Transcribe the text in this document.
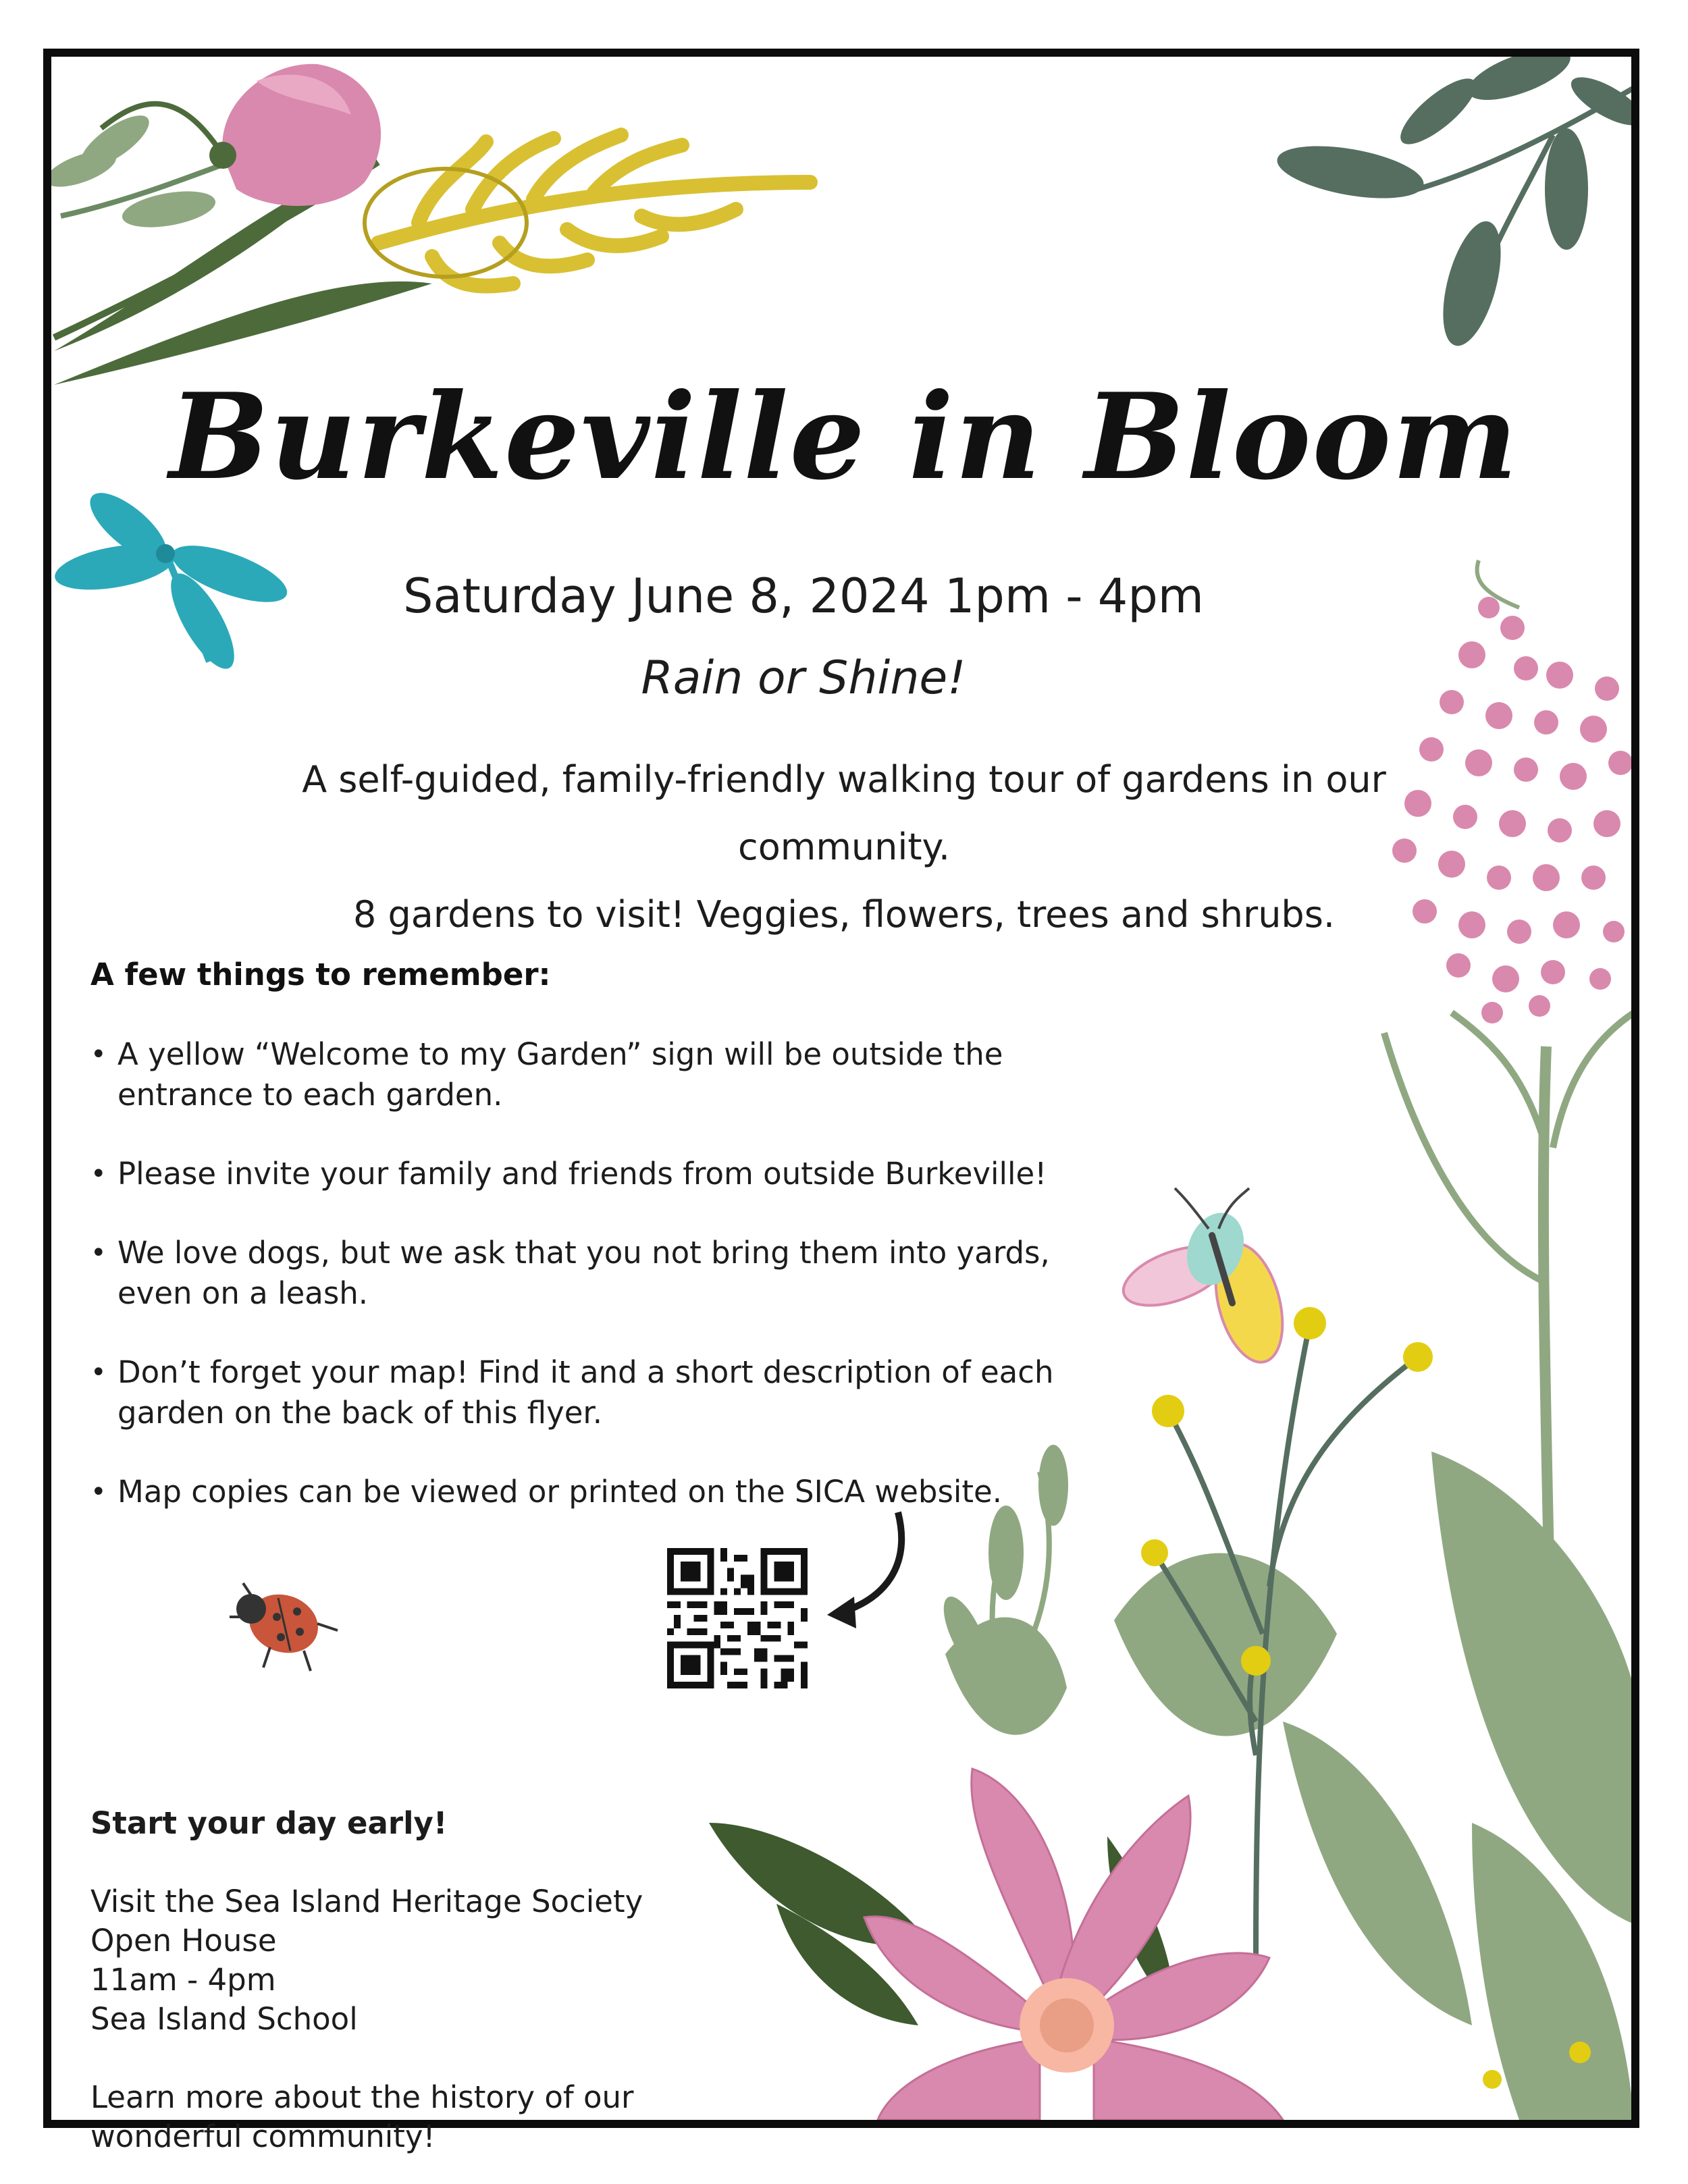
Burkeville in Bloom
Saturday June 8, 2024 1pm - 4pm
Rain or Shine!
A self-guided, family-friendly walking tour of gardens in our community.
8 gardens to visit! Veggies, flowers, trees and shrubs.
A few things to remember:
• A yellow “Welcome to my Garden” sign will be outside the entrance to each garden.
• Please invite your family and friends from outside Burkeville!
• We love dogs, but we ask that you not bring them into yards, even on a leash.
• Don’t forget your map! Find it and a short description of each garden on the back of this flyer.
• Map copies can be viewed or printed on the SICA website.
Start your day early!
Visit the Sea Island Heritage Society
Open House
11am - 4pm
Sea Island School
Learn more about the history of our
wonderful community!
